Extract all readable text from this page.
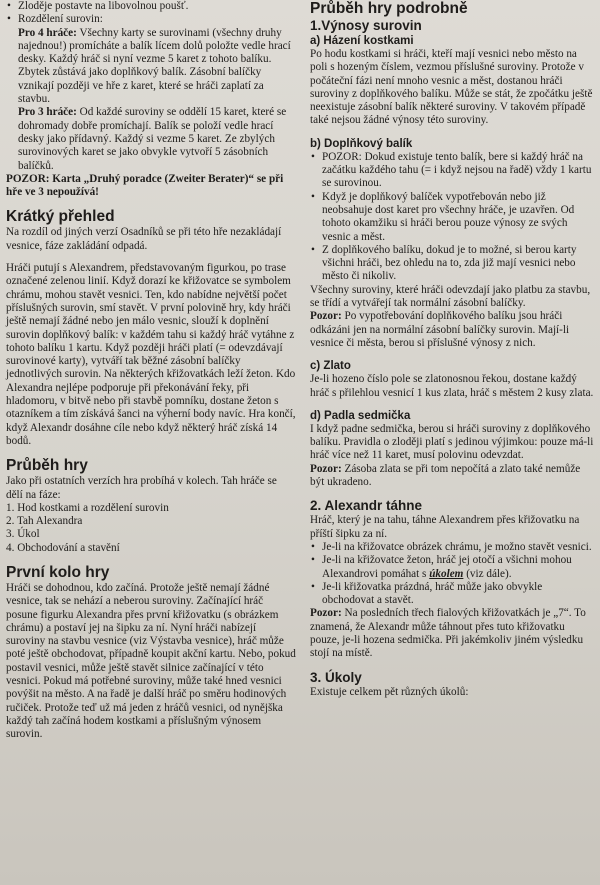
• Zloděje postavte na libovolnou poušť.
• Rozdělení surovin:

Pro 4 hráče: Všechny karty se surovinami (všechny druhy najednou!) promícháte a balík lícem dolů položte vedle hrací desky. Každý hráč si nyní vezme 5 karet z tohoto balíku. Zbytek zůstává jako doplňkový balík. Zásobní balíčky vznikají později ve hře z karet, které se hráči zaplatí za stavbu.

Pro 3 hráče: Od každé suroviny se oddělí 15 karet, které se dohromady dobře promíchají. Balík se položí vedle hrací desky jako přídavný. Každý si vezme 5 karet. Ze zbylých surovinových karet se jako obvykle vytvoří 5 zásobních balíčků.

POZOR: Karta „Druhý poradce (Zweiter Berater)“ se při hře ve 3 nepoužívá!

Krátký přehled

Na rozdíl od jiných verzí Osadníků se při této hře nezakládají vesnice, fáze zakládání odpadá.

Hráči putují s Alexandrem, představovaným figurkou, po trase označené zelenou linií. Když dorazí ke křižovatce se symbolem chrámu, mohou stavět vesnici. Ten, kdo nabídne největší počet příslušných surovin, smí stavět. V první polovině hry, kdy hráči ještě nemají žádné nebo jen málo vesnic, slouží k doplnění surovin doplňkový balík: v každém tahu si každý hráč vytáhne z tohoto balíku 1 kartu. Když později hráči platí (= odevzdávají surovinové karty), vytváří tak běžné zásobní balíčky jednotlivých surovin. Na některých křižovatkách leží žeton. Kdo Alexandra nejlépe podporuje při překonávání řeky, při hladomoru, v bitvě nebo při stavbě pomníku, dostane žeton s otazníkem a tím získává šanci na výherní body navíc. Hra končí, když Alexandr dosáhne cíle nebo když některý hráč získá 14 bodů.

Průběh hry

Jako při ostatních verzích hra probíhá v kolech. Tah hráče se dělí na fáze:

1. Hod kostkami a rozdělení surovin

2. Tah Alexandra

3. Úkol

4. Obchodování a stavění

První kolo hry

Hráči se dohodnou, kdo začíná. Protože ještě nemají žádné vesnice, tak se nehází a neberou suroviny. Začínající hráč posune figurku Alexandra přes první křižovatku (s obrázkem chrámu) a postaví jej na šipku za ní. Nyní hráči nabízejí suroviny na stavbu vesnice (viz Výstavba vesnice), hráč může poté ještě obchodovat, případně koupit akční kartu. Nebo, pokud postavil vesnici, může ještě stavět silnice začínající v této vesnici. Pokud má potřebné suroviny, může také hned vesnici povýšit na město. A na řadě je další hráč po směru hodinových ručiček. Protože teď už má jeden z hráčů vesnici, od nynějška každý tah začíná hodem kostkami a příslušným výnosem surovin.

Průběh hry podrobně
1.Výnosy surovin
a) Házení kostkami

Po hodu kostkami si hráči, kteří mají vesnici nebo město na poli s hozeným číslem, vezmou příslušné suroviny. Protože v počáteční fázi není mnoho vesnic a měst, dostanou hráči suroviny z doplňkového balíku. Může se stát, že zpočátku ještě neexistuje zásobní balík některé suroviny. V takovém případě také nejsou žádné výnosy této suroviny.

b) Doplňkový balík
• POZOR: Dokud existuje tento balík, bere si každý hráč na začátku každého tahu (= i když nejsou na řadě) vždy 1 kartu se surovinou.
• Když je doplňkový balíček vypotřebován nebo již neobsahuje dost karet pro všechny hráče, je uzavřen. Od tohoto okamžiku si hráči berou pouze výnosy ze svých vesnic a měst.
• Z doplňkového balíku, dokud je to možné, si berou karty všichni hráči, bez ohledu na to, zda již mají vesnici nebo město či nikoliv.

Všechny suroviny, které hráči odevzdají jako platbu za stavbu, se třídí a vytvářejí tak normální zásobní balíčky.

Pozor: Po vypotřebování doplňkového balíku jsou hráči odkázáni jen na normální zásobní balíčky surovin. Mají-li vesnice či města, berou si příslušné výnosy z nich.

c) Zlato

Je-li hozeno číslo pole se zlatonosnou řekou, dostane každý hráč s přilehlou vesnicí 1 kus zlata, hráč s městem 2 kusy zlata.

d) Padla sedmička

I když padne sedmička, berou si hráči suroviny z doplňkového balíku. Pravidla o zloději platí s jedinou výjimkou: pouze má-li hráč více než 11 karet, musí polovinu odevzdat.

Pozor: Zásoba zlata se při tom nepočítá a zlato také nemůže být ukradeno.

2. Alexandr táhne

Hráč, který je na tahu, táhne Alexandrem přes křižovatku na příští šipku za ní.

• Je-li na křižovatce obrázek chrámu, je možno stavět vesnici.
• Je-li na křižovatce žeton, hráč jej otočí a všichni mohou Alexandrovi pomáhat s úkolem (viz dále).
• Je-li křižovatka prázdná, hráč může jako obvykle obchodovat a stavět.

Pozor: Na posledních třech fialových křižovatkách je „7“. To znamená, že Alexandr může táhnout přes tuto křižovatku pouze, je-li hozena sedmička. Při jakémkoliv jiném výsledku stojí na místě.

3. Úkoly

Existuje celkem pět různých úkolů:
